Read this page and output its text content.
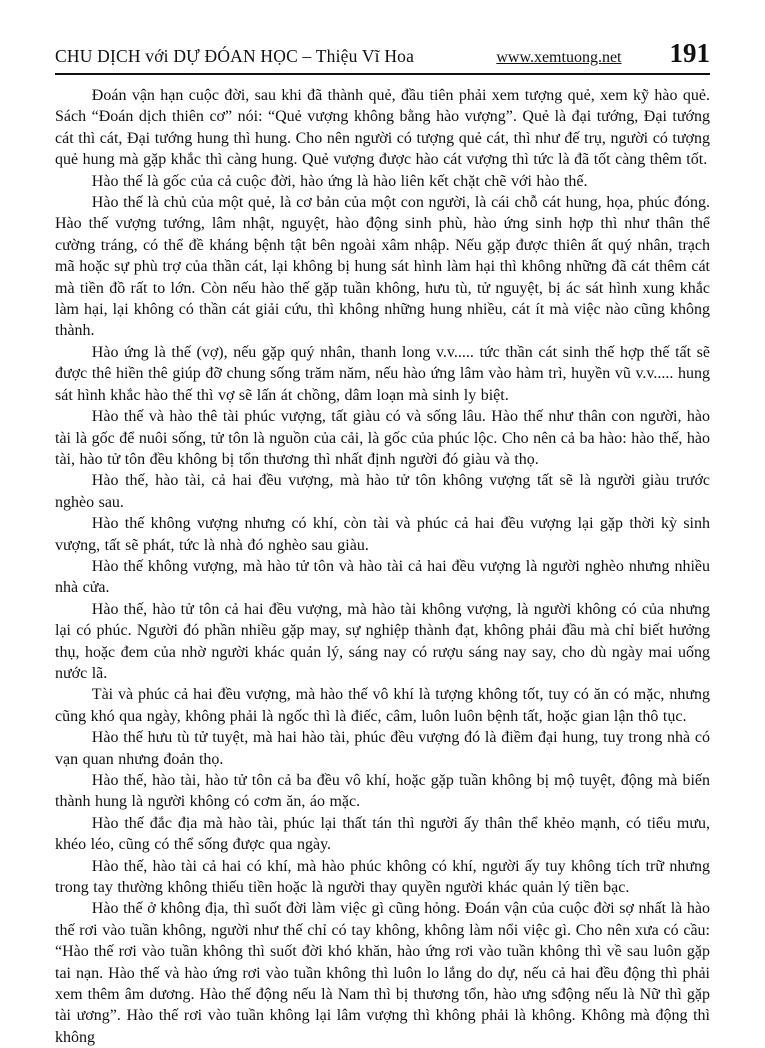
CHU DỊCH với DỰ ĐÓAN HỌC – Thiệu Vĩ Hoa	www.xemtuong.net 191

Đoán vận hạn cuộc đời, sau khi đã thành quẻ, đầu tiên phải xem tượng quẻ, xem kỹ hào quẻ. Sách “Đoán dịch thiên cơ” nói: “Quẻ vượng không bằng hào vượng”. Quẻ là đại tướng, Đại tướng cát thì cát, Đại tướng hung thì hung. Cho nên người có tượng quẻ cát, thì như đế trụ, người có tượng quẻ hung mà gặp khắc thì càng hung. Quẻ vượng được hào cát vượng thì tức là đã tốt càng thêm tốt.

Hào thế là gốc của cả cuộc đời, hào ứng là hào liên kết chặt chẽ với hào thế.

Hào thế là chủ của một quẻ, là cơ bản của một con người, là cái chỗ cát hung, họa, phúc đóng. Hào thế vượng tướng, lâm nhật, nguyệt, hào động sinh phù, hào ứng sinh hợp thì như thân thể cường tráng, có thể đề kháng bệnh tật bên ngoài xâm nhập. Nếu gặp được thiên ất quý nhân, trạch mã hoặc sự phù trợ của thần cát, lại không bị hung sát hình làm hại thì không những đã cát thêm cát mà tiền đồ rất to lớn. Còn nếu hào thế gặp tuần không, hưu tù, tử nguyệt, bị ác sát hình xung khắc làm hại, lại không có thần cát giải cứu, thì không những hung nhiều, cát ít mà việc nào cũng không thành.

Hào ứng là thế (vợ), nếu gặp quý nhân, thanh long v.v..... tức thần cát sinh thế hợp thế tất sẽ được thê hiền thê giúp đỡ chung sống trăm năm, nếu hào ứng lâm vào hàm trì, huyền vũ v.v..... hung sát hình khắc hào thế thì vợ sẽ lấn át chồng, dâm loạn mà sinh ly biệt.

Hào thế và hào thê tài phúc vượng, tất giàu có và sống lâu. Hào thế như thân con người, hào tài là gốc để nuôi sống, tử tôn là nguồn của cải, là gốc của phúc lộc. Cho nên cả ba hào: hào thế, hào tài, hào tử tôn đều không bị tổn thương thì nhất định người đó giàu và thọ.

Hào thế, hào tài, cả hai đều vượng, mà hào tử tôn không vượng tất sẽ là người giàu trước nghèo sau.

Hào thế không vượng nhưng có khí, còn tài và phúc cả hai đều vượng lại gặp thời kỳ sinh vượng, tất sẽ phát, tức là nhà đó nghèo sau giàu.

Hào thế không vượng, mà hào tử tôn và hào tài cả hai đều vượng là người nghèo nhưng nhiều nhà cửa.

Hào thế, hào tử tôn cả hai đều vượng, mà hào tài không vượng, là người không có của nhưng lại có phúc. Người đó phần nhiều gặp may, sự nghiệp thành đạt, không phải đầu mà chỉ biết hưởng thụ, hoặc đem của nhờ người khác quản lý, sáng nay có rượu sáng nay say, cho dù ngày mai uống nước lã.

Tài và phúc cả hai đều vượng, mà hào thế vô khí là tượng không tốt, tuy có ăn có mặc, nhưng cũng khó qua ngày, không phải là ngốc thì là điếc, câm, luôn luôn bệnh tất, hoặc gian lận thô tục.

Hào thế hưu tù tử tuyệt, mà hai hào tài, phúc đều vượng đó là điềm đại hung, tuy trong nhà có vạn quan nhưng đoản thọ.

Hào thế, hào tài, hào tử tôn cả ba đều vô khí, hoặc gặp tuần không bị mộ tuyệt, động mà biến thành hung là người không có cơm ăn, áo mặc.

Hào thế đắc địa mà hào tài, phúc lại thất tán thì người ấy thân thể khẻo mạnh, có tiểu mưu, khéo léo, cũng có thể sống được qua ngày.

Hào thế, hào tài cả hai có khí, mà hào phúc không có khí, người ấy tuy không tích trữ nhưng trong tay thường không thiếu tiền hoặc là người thay quyền người khác quản lý tiền bạc.

Hào thế ở không địa, thì suốt đời làm việc gì cũng hỏng. Đoán vận của cuộc đời sợ nhất là hào thế rơi vào tuần không, người như thế chỉ có tay không, không làm nổi việc gì. Cho nên xưa có cầu: “Hào thế rơi vào tuần không thì suốt đời khó khăn, hào ứng rơi vào tuần không thì về sau luôn gặp tai nạn. Hào thế và hào ứng rơi vào tuần không thì luôn lo lắng do dự, nếu cả hai đều động thì phải xem thêm âm dương. Hào thế động nếu là Nam thì bị thương tổn, hào ưng sđộng nếu là Nữ thì gặp tài ương”. Hào thế rơi vào tuần không lại lâm vượng thì không phải là không. Không mà động thì không
